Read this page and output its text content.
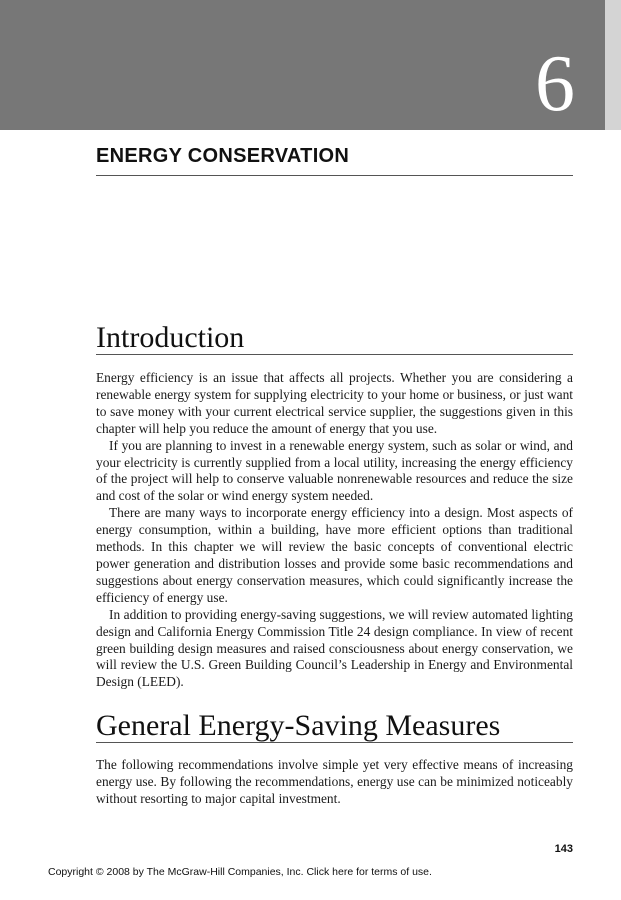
6
ENERGY CONSERVATION
Introduction

Energy efficiency is an issue that affects all projects. Whether you are considering a renewable energy system for supplying electricity to your home or business, or just want to save money with your current electrical service supplier, the suggestions given in this chapter will help you reduce the amount of energy that you use.

If you are planning to invest in a renewable energy system, such as solar or wind, and your electricity is currently supplied from a local utility, increasing the energy efficiency of the project will help to conserve valuable nonrenewable resources and reduce the size and cost of the solar or wind energy system needed.

There are many ways to incorporate energy efficiency into a design. Most aspects of energy consumption, within a building, have more efficient options than traditional methods. In this chapter we will review the basic concepts of conventional electric power generation and distribution losses and provide some basic recommendations and suggestions about energy conservation measures, which could significantly increase the efficiency of energy use.

In addition to providing energy-saving suggestions, we will review automated lighting design and California Energy Commission Title 24 design compliance. In view of recent green building design measures and raised consciousness about energy conservation, we will review the U.S. Green Building Council’s Leadership in Energy and Environmental Design (LEED).

General Energy-Saving Measures

The following recommendations involve simple yet very effective means of increasing energy use. By following the recommendations, energy use can be minimized noticeably without resorting to major capital investment.

143
Copyright © 2008 by The McGraw-Hill Companies, Inc. Click here for terms of use.
